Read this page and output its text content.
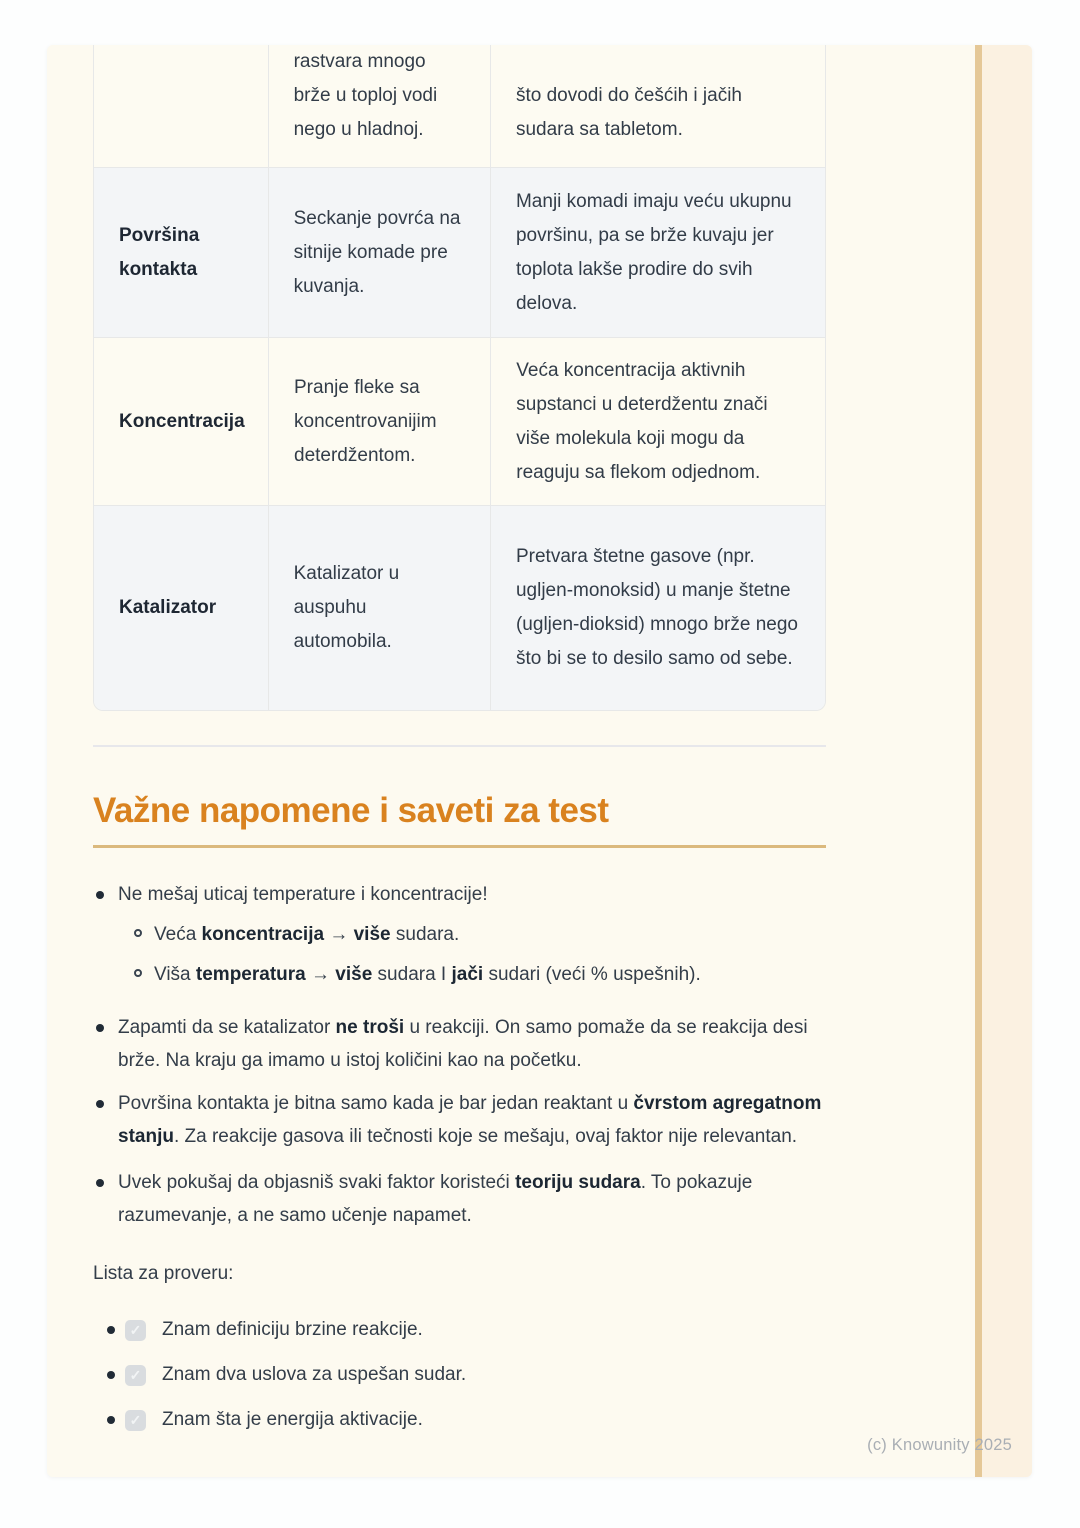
rastvara mnogo brže u toploj vodi nego u hladnoj.
što dovodi do češćih i jačih sudara sa tabletom.
Površina kontakta
Seckanje povrća na sitnije komade pre kuvanja.
Manji komadi imaju veću ukupnu površinu, pa se brže kuvaju jer toplota lakše prodire do svih delova.
Koncentracija
Pranje fleke sa koncentrovanijim deterdžentom.
Veća koncentracija aktivnih supstanci u deterdžentu znači više molekula koji mogu da reaguju sa flekom odjednom.
Katalizator
Katalizator u auspuhu automobila.
Pretvara štetne gasove (npr. ugljen-monoksid) u manje štetne (ugljen-dioksid) mnogo brže nego što bi se to desilo samo od sebe.
Važne napomene i saveti za test
Ne mešaj uticaj temperature i koncentracije!
Veća koncentracija → više sudara.
Viša temperatura → više sudara I jači sudari (veći % uspešnih).
Zapamti da se katalizator ne troši u reakciji. On samo pomaže da se reakcija desi brže. Na kraju ga imamo u istoj količini kao na početku.
Površina kontakta je bitna samo kada je bar jedan reaktant u čvrstom agregatnom stanju. Za reakcije gasova ili tečnosti koje se mešaju, ovaj faktor nije relevantan.
Uvek pokušaj da objasniš svaki faktor koristeći teoriju sudara. To pokazuje razumevanje, a ne samo učenje napamet.
Lista za proveru:
✓ Znam definiciju brzine reakcije.
✓ Znam dva uslova za uspešan sudar.
✓ Znam šta je energija aktivacije.
(c) Knowunity 2025
